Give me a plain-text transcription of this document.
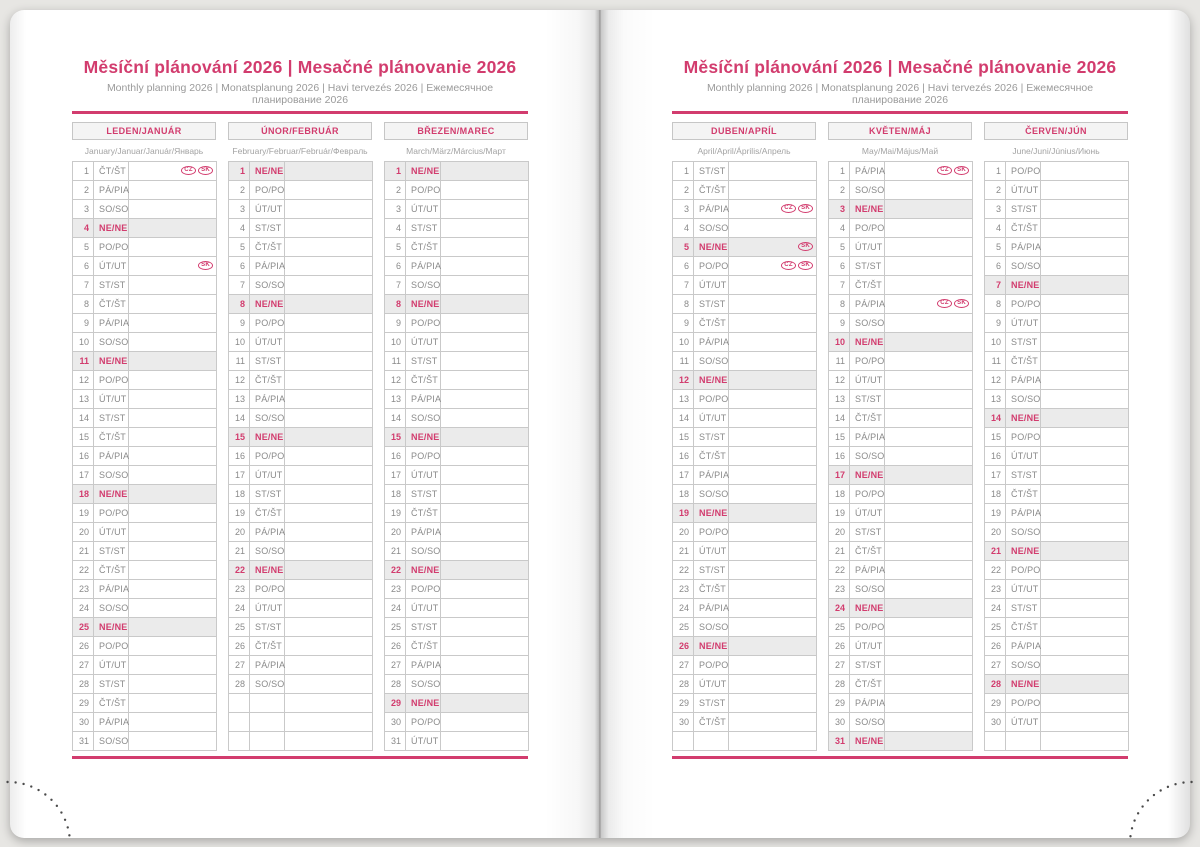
Měsíční plánování 2026 | Mesačné plánovanie 2026
Monthly planning 2026 | Monatsplanung 2026 | Havi tervezés 2026 | Ежемесячное планирование 2026
LEDEN/JANUÁR
January/Januar/Január/Январь
1	ČT/ŠT	CZ SK

2	PÁ/PIA	
3	SO/SO	
4	NE/NE	
5	PO/PO	
6	ÚT/UT	SK

7	ST/ST	
8	ČT/ŠT	
9	PÁ/PIA	
10	SO/SO	
11	NE/NE	
12	PO/PO	
13	ÚT/UT	
14	ST/ST	
15	ČT/ŠT	
16	PÁ/PIA	
17	SO/SO	
18	NE/NE	
19	PO/PO	
20	ÚT/UT	
21	ST/ST	
22	ČT/ŠT	
23	PÁ/PIA	
24	SO/SO	
25	NE/NE	
26	PO/PO	
27	ÚT/UT	
28	ST/ST	
29	ČT/ŠT	
30	PÁ/PIA	
31	SO/SO	
ÚNOR/FEBRUÁR
February/Februar/Február/Февраль
1	NE/NE	
2	PO/PO	
3	ÚT/UT	
4	ST/ST	
5	ČT/ŠT	
6	PÁ/PIA	
7	SO/SO	
8	NE/NE	
9	PO/PO	
10	ÚT/UT	
11	ST/ST	
12	ČT/ŠT	
13	PÁ/PIA	
14	SO/SO	
15	NE/NE	
16	PO/PO	
17	ÚT/UT	
18	ST/ST	
19	ČT/ŠT	
20	PÁ/PIA	
21	SO/SO	
22	NE/NE	
23	PO/PO	
24	ÚT/UT	
25	ST/ST	
26	ČT/ŠT	
27	PÁ/PIA	
28	SO/SO	

BŘEZEN/MAREC
March/März/Március/Март
1	NE/NE	
2	PO/PO	
3	ÚT/UT	
4	ST/ST	
5	ČT/ŠT	
6	PÁ/PIA	
7	SO/SO	
8	NE/NE	
9	PO/PO	
10	ÚT/UT	
11	ST/ST	
12	ČT/ŠT	
13	PÁ/PIA	
14	SO/SO	
15	NE/NE	
16	PO/PO	
17	ÚT/UT	
18	ST/ST	
19	ČT/ŠT	
20	PÁ/PIA	
21	SO/SO	
22	NE/NE	
23	PO/PO	
24	ÚT/UT	
25	ST/ST	
26	ČT/ŠT	
27	PÁ/PIA	
28	SO/SO	
29	NE/NE	
30	PO/PO	
31	ÚT/UT	
Měsíční plánování 2026 | Mesačné plánovanie 2026
Monthly planning 2026 | Monatsplanung 2026 | Havi tervezés 2026 | Ежемесячное планирование 2026
DUBEN/APRÍL
April/April/Április/Апрель
1	ST/ST	
2	ČT/ŠT	
3	PÁ/PIA	CZ SK

4	SO/SO	
5	NE/NE	SK

6	PO/PO	CZ SK

7	ÚT/UT	
8	ST/ST	
9	ČT/ŠT	
10	PÁ/PIA	
11	SO/SO	
12	NE/NE	
13	PO/PO	
14	ÚT/UT	
15	ST/ST	
16	ČT/ŠT	
17	PÁ/PIA	
18	SO/SO	
19	NE/NE	
20	PO/PO	
21	ÚT/UT	
22	ST/ST	
23	ČT/ŠT	
24	PÁ/PIA	
25	SO/SO	
26	NE/NE	
27	PO/PO	
28	ÚT/UT	
29	ST/ST	
30	ČT/ŠT	

KVĚTEN/MÁJ
May/Mai/Május/Май
1	PÁ/PIA	CZ SK

2	SO/SO	
3	NE/NE	
4	PO/PO	
5	ÚT/UT	
6	ST/ST	
7	ČT/ŠT	
8	PÁ/PIA	CZ SK

9	SO/SO	
10	NE/NE	
11	PO/PO	
12	ÚT/UT	
13	ST/ST	
14	ČT/ŠT	
15	PÁ/PIA	
16	SO/SO	
17	NE/NE	
18	PO/PO	
19	ÚT/UT	
20	ST/ST	
21	ČT/ŠT	
22	PÁ/PIA	
23	SO/SO	
24	NE/NE	
25	PO/PO	
26	ÚT/UT	
27	ST/ST	
28	ČT/ŠT	
29	PÁ/PIA	
30	SO/SO	
31	NE/NE	
ČERVEN/JÚN
June/Juni/Június/Июнь
1	PO/PO	
2	ÚT/UT	
3	ST/ST	
4	ČT/ŠT	
5	PÁ/PIA	
6	SO/SO	
7	NE/NE	
8	PO/PO	
9	ÚT/UT	
10	ST/ST	
11	ČT/ŠT	
12	PÁ/PIA	
13	SO/SO	
14	NE/NE	
15	PO/PO	
16	ÚT/UT	
17	ST/ST	
18	ČT/ŠT	
19	PÁ/PIA	
20	SO/SO	
21	NE/NE	
22	PO/PO	
23	ÚT/UT	
24	ST/ST	
25	ČT/ŠT	
26	PÁ/PIA	
27	SO/SO	
28	NE/NE	
29	PO/PO	
30	ÚT/UT	
